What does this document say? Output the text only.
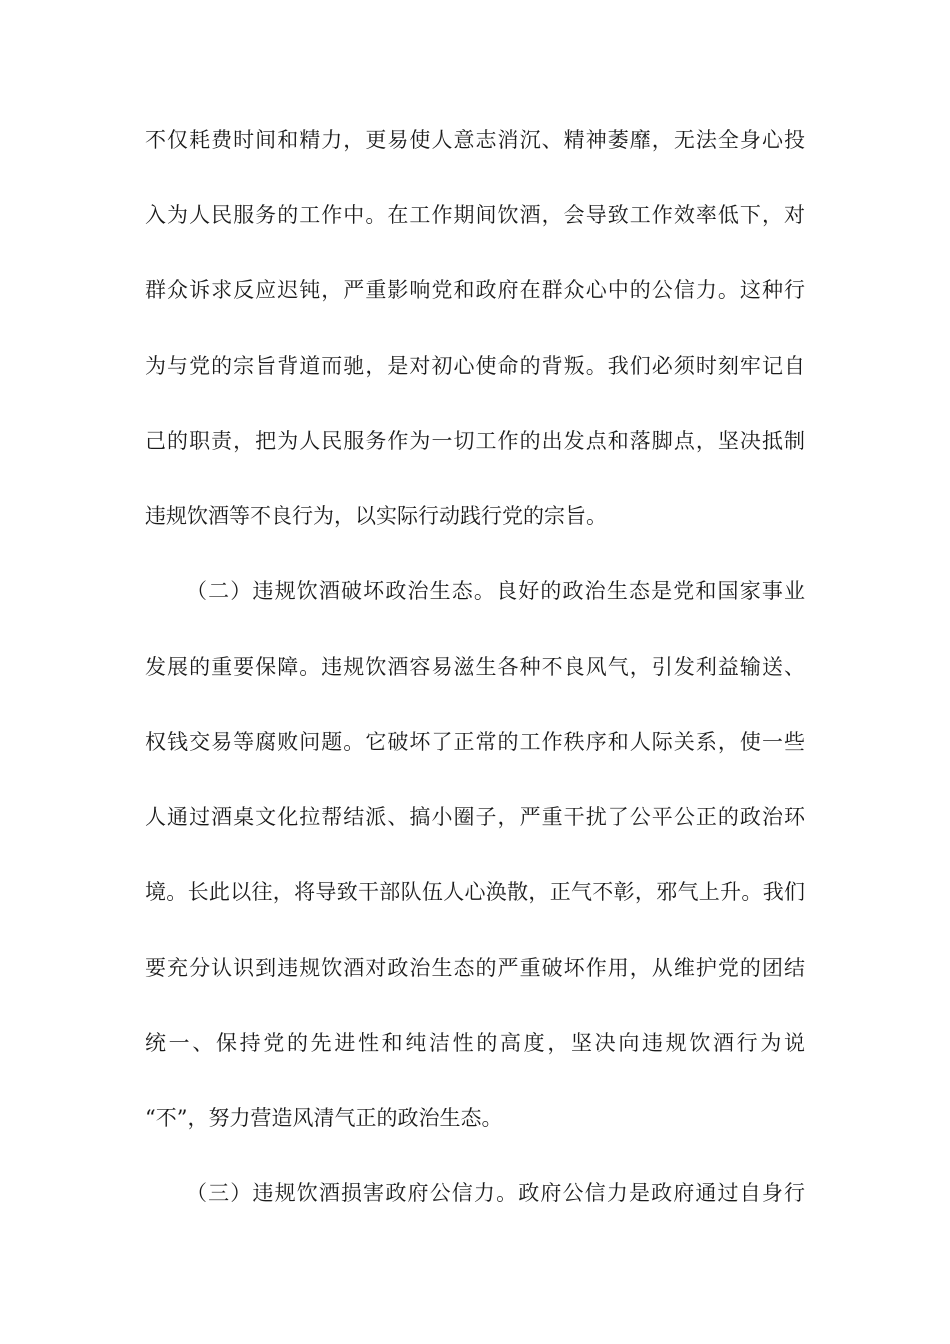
不仅耗费时间和精力，更易使人意志消沉、精神萎靡，无法全身心投
入为人民服务的工作中。在工作期间饮酒，会导致工作效率低下，对
群众诉求反应迟钝，严重影响党和政府在群众心中的公信力。这种行
为与党的宗旨背道而驰，是对初心使命的背叛。我们必须时刻牢记自
己的职责，把为人民服务作为一切工作的出发点和落脚点，坚决抵制
违规饮酒等不良行为，以实际行动践行党的宗旨。
（二）违规饮酒破坏政治生态。良好的政治生态是党和国家事业
发展的重要保障。违规饮酒容易滋生各种不良风气，引发利益输送、
权钱交易等腐败问题。它破坏了正常的工作秩序和人际关系，使一些
人通过酒桌文化拉帮结派、搞小圈子，严重干扰了公平公正的政治环
境。长此以往，将导致干部队伍人心涣散，正气不彰，邪气上升。我们
要充分认识到违规饮酒对政治生态的严重破坏作用，从维护党的团结
统一、保持党的先进性和纯洁性的高度，坚决向违规饮酒行为说
“不”，努力营造风清气正的政治生态。
（三）违规饮酒损害政府公信力。政府公信力是政府通过自身行
